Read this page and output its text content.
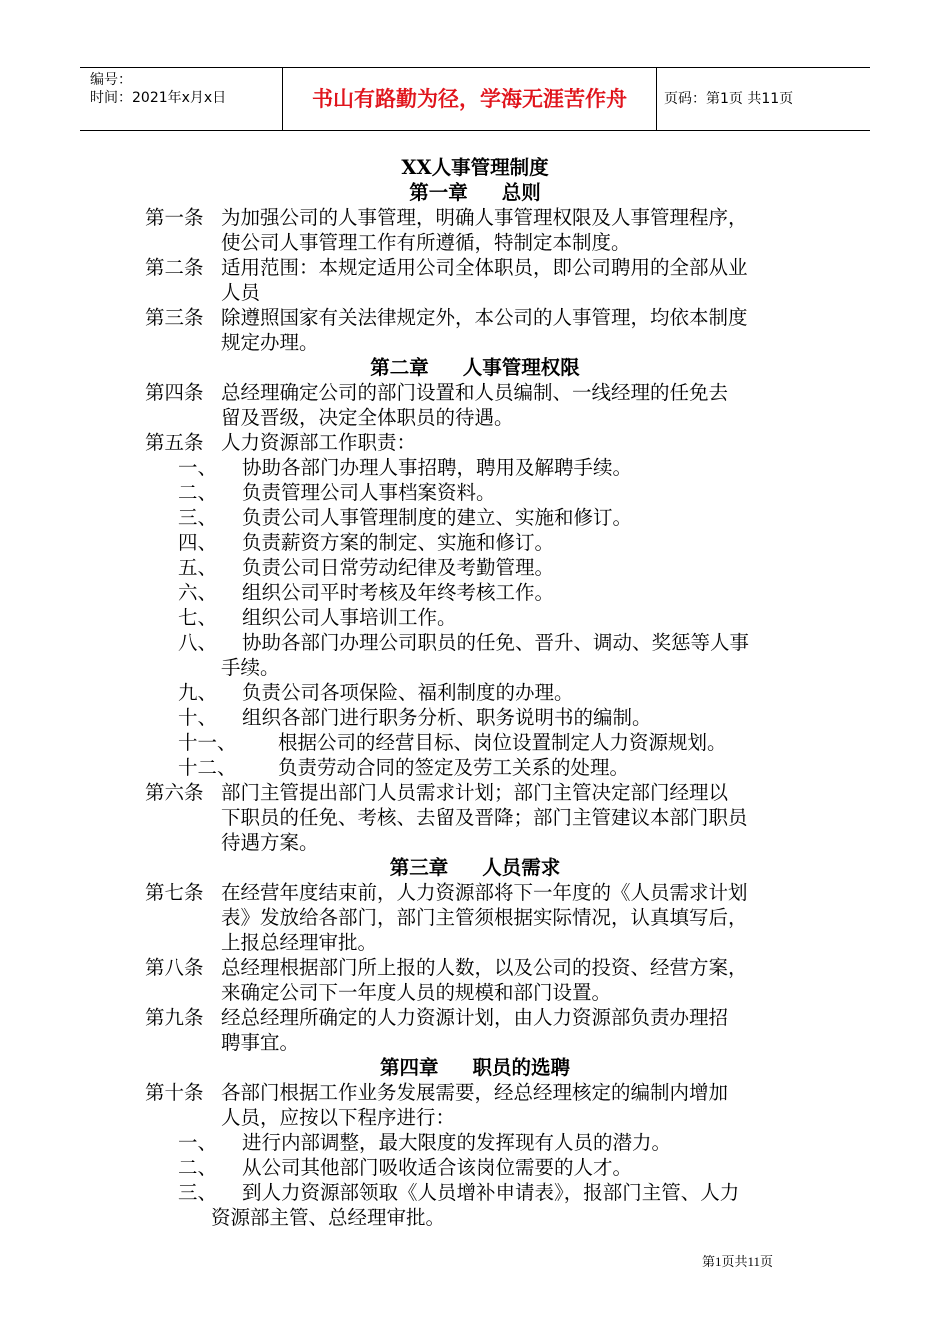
编号：
时间：2021年x月x日	书山有路勤为径，学海无涯苦作舟	页码：第1页 共11页
XX人事管理制度
第一章 总则
第一条 为加强公司的人事管理，明确人事管理权限及人事管理程序，
使公司人事管理工作有所遵循，特制定本制度。
第二条 适用范围：本规定适用公司全体职员，即公司聘用的全部从业
人员
第三条 除遵照国家有关法律规定外，本公司的人事管理，均依本制度
规定办理。
第二章 人事管理权限
第四条 总经理确定公司的部门设置和人员编制、一线经理的任免去
留及晋级，决定全体职员的待遇。
第五条 人力资源部工作职责：
一、 协助各部门办理人事招聘，聘用及解聘手续。
二、 负责管理公司人事档案资料。
三、 负责公司人事管理制度的建立、实施和修订。
四、 负责薪资方案的制定、实施和修订。
五、 负责公司日常劳动纪律及考勤管理。
六、 组织公司平时考核及年终考核工作。
七、 组织公司人事培训工作。
八、 协助各部门办理公司职员的任免、晋升、调动、奖惩等人事
手续。
九、 负责公司各项保险、福利制度的办理。
十、 组织各部门进行职务分析、职务说明书的编制。
十一、 根据公司的经营目标、岗位设置制定人力资源规划。
十二、 负责劳动合同的签定及劳工关系的处理。
第六条 部门主管提出部门人员需求计划；部门主管决定部门经理以
下职员的任免、考核、去留及晋降；部门主管建议本部门职员
待遇方案。
第三章 人员需求
第七条 在经营年度结束前，人力资源部将下一年度的《人员需求计划
表》发放给各部门，部门主管须根据实际情况，认真填写后，
上报总经理审批。
第八条 总经理根据部门所上报的人数，以及公司的投资、经营方案，
来确定公司下一年度人员的规模和部门设置。
第九条 经总经理所确定的人力资源计划，由人力资源部负责办理招
聘事宜。
第四章 职员的选聘
第十条 各部门根据工作业务发展需要，经总经理核定的编制内增加
人员，应按以下程序进行：
一、 进行内部调整，最大限度的发挥现有人员的潜力。
二、 从公司其他部门吸收适合该岗位需要的人才。
三、 到人力资源部领取《人员增补申请表》，报部门主管、人力
资源部主管、总经理审批。
第1页共11页
